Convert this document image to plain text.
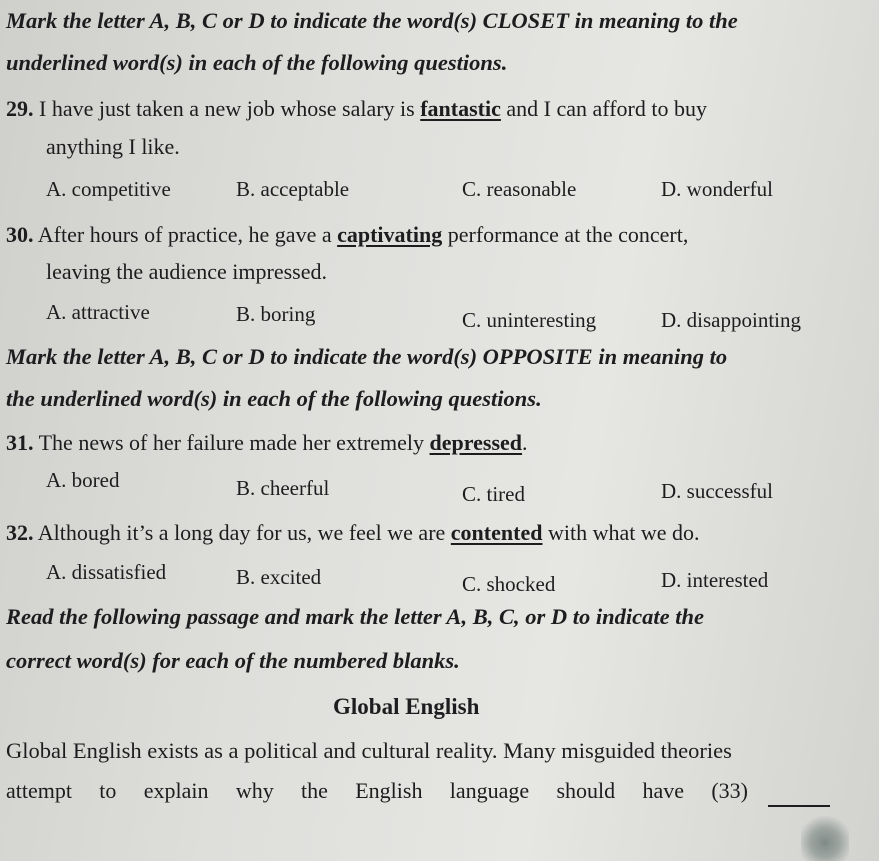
Mark the letter A, B, C or D to indicate the word(s) CLOSET in meaning to the
underlined word(s) in each of the following questions.
29. I have just taken a new job whose salary is fantastic and I can afford to buy
anything I like.
A. competitive	B. acceptable	C. reasonable	D. wonderful
30. After hours of practice, he gave a captivating performance at the concert,
leaving the audience impressed.
A. attractive	B. boring	C. uninteresting	D. disappointing
Mark the letter A, B, C or D to indicate the word(s) OPPOSITE in meaning to
the underlined word(s) in each of the following questions.
31. The news of her failure made her extremely depressed.
A. bored	B. cheerful	C. tired	D. successful
32. Although it’s a long day for us, we feel we are contented with what we do.
A. dissatisfied	B. excited	C. shocked	D. interested
Read the following passage and mark the letter A, B, C, or D to indicate the
correct word(s) for each of the numbered blanks.
Global English
Global English exists as a political and cultural reality. Many misguided theories
attempt to explain why the English language should have (33)
